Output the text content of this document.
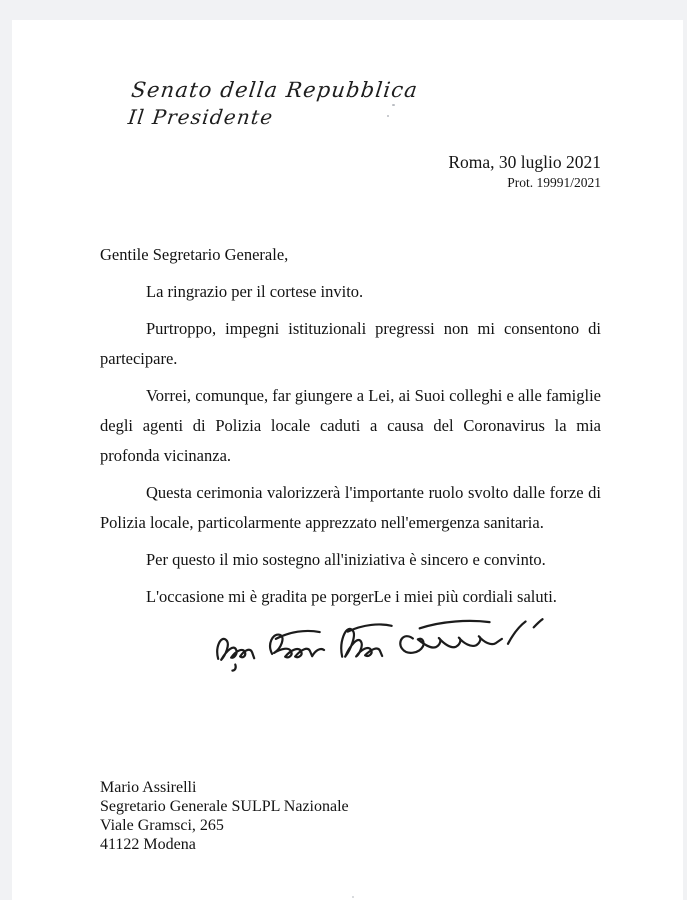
Senato della Repubblica
Il Presidente
Roma, 30 luglio 2021
Prot. 19991/2021

Gentile Segretario Generale,

La ringrazio per il cortese invito.

Purtroppo, impegni istituzionali pregressi non mi consentono di partecipare.

Vorrei, comunque, far giungere a Lei, ai Suoi colleghi e alle famiglie degli agenti di Polizia locale caduti a causa del Coronavirus la mia profonda vicinanza.

Questa cerimonia valorizzerà l'importante ruolo svolto dalle forze di Polizia locale, particolarmente apprezzato nell'emergenza sanitaria.

Per questo il mio sostegno all'iniziativa è sincero e convinto.

L'occasione mi è gradita pe porgerLe i miei più cordiali saluti.

Mario Assirelli
Segretario Generale SULPL Nazionale
Viale Gramsci, 265
41122 Modena
